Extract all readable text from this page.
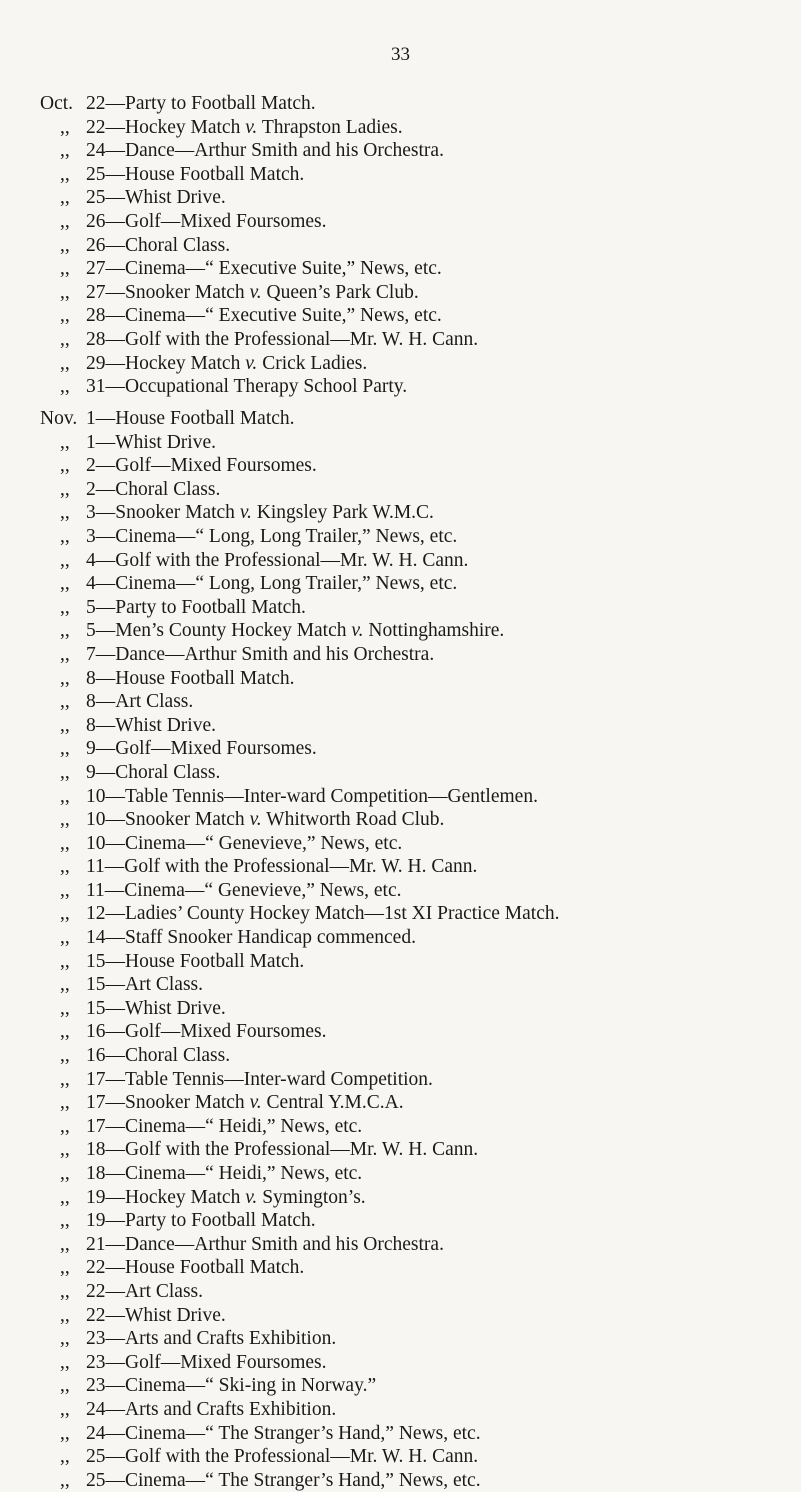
33
Oct. 22—Party to Football Match.
,, 22—Hockey Match v. Thrapston Ladies.
,, 24—Dance—Arthur Smith and his Orchestra.
,, 25—House Football Match.
,, 25—Whist Drive.
,, 26—Golf—Mixed Foursomes.
,, 26—Choral Class.
,, 27—Cinema—“ Executive Suite,” News, etc.
,, 27—Snooker Match v. Queen’s Park Club.
,, 28—Cinema—“ Executive Suite,” News, etc.
,, 28—Golf with the Professional—Mr. W. H. Cann.
,, 29—Hockey Match v. Crick Ladies.
,, 31—Occupational Therapy School Party.
Nov. 1—House Football Match.
,, 1—Whist Drive.
,, 2—Golf—Mixed Foursomes.
,, 2—Choral Class.
,, 3—Snooker Match v. Kingsley Park W.M.C.
,, 3—Cinema—“ Long, Long Trailer,” News, etc.
,, 4—Golf with the Professional—Mr. W. H. Cann.
,, 4—Cinema—“ Long, Long Trailer,” News, etc.
,, 5—Party to Football Match.
,, 5—Men’s County Hockey Match v. Nottinghamshire.
,, 7—Dance—Arthur Smith and his Orchestra.
,, 8—House Football Match.
,, 8—Art Class.
,, 8—Whist Drive.
,, 9—Golf—Mixed Foursomes.
,, 9—Choral Class.
,, 10—Table Tennis—Inter-ward Competition—Gentlemen.
,, 10—Snooker Match v. Whitworth Road Club.
,, 10—Cinema—“ Genevieve,” News, etc.
,, 11—Golf with the Professional—Mr. W. H. Cann.
,, 11—Cinema—“ Genevieve,” News, etc.
,, 12—Ladies’ County Hockey Match—1st XI Practice Match.
,, 14—Staff Snooker Handicap commenced.
,, 15—House Football Match.
,, 15—Art Class.
,, 15—Whist Drive.
,, 16—Golf—Mixed Foursomes.
,, 16—Choral Class.
,, 17—Table Tennis—Inter-ward Competition.
,, 17—Snooker Match v. Central Y.M.C.A.
,, 17—Cinema—“ Heidi,” News, etc.
,, 18—Golf with the Professional—Mr. W. H. Cann.
,, 18—Cinema—“ Heidi,” News, etc.
,, 19—Hockey Match v. Symington’s.
,, 19—Party to Football Match.
,, 21—Dance—Arthur Smith and his Orchestra.
,, 22—House Football Match.
,, 22—Art Class.
,, 22—Whist Drive.
,, 23—Arts and Crafts Exhibition.
,, 23—Golf—Mixed Foursomes.
,, 23—Cinema—“ Ski-ing in Norway.”
,, 24—Arts and Crafts Exhibition.
,, 24—Cinema—“ The Stranger’s Hand,” News, etc.
,, 25—Golf with the Professional—Mr. W. H. Cann.
,, 25—Cinema—“ The Stranger’s Hand,” News, etc.
